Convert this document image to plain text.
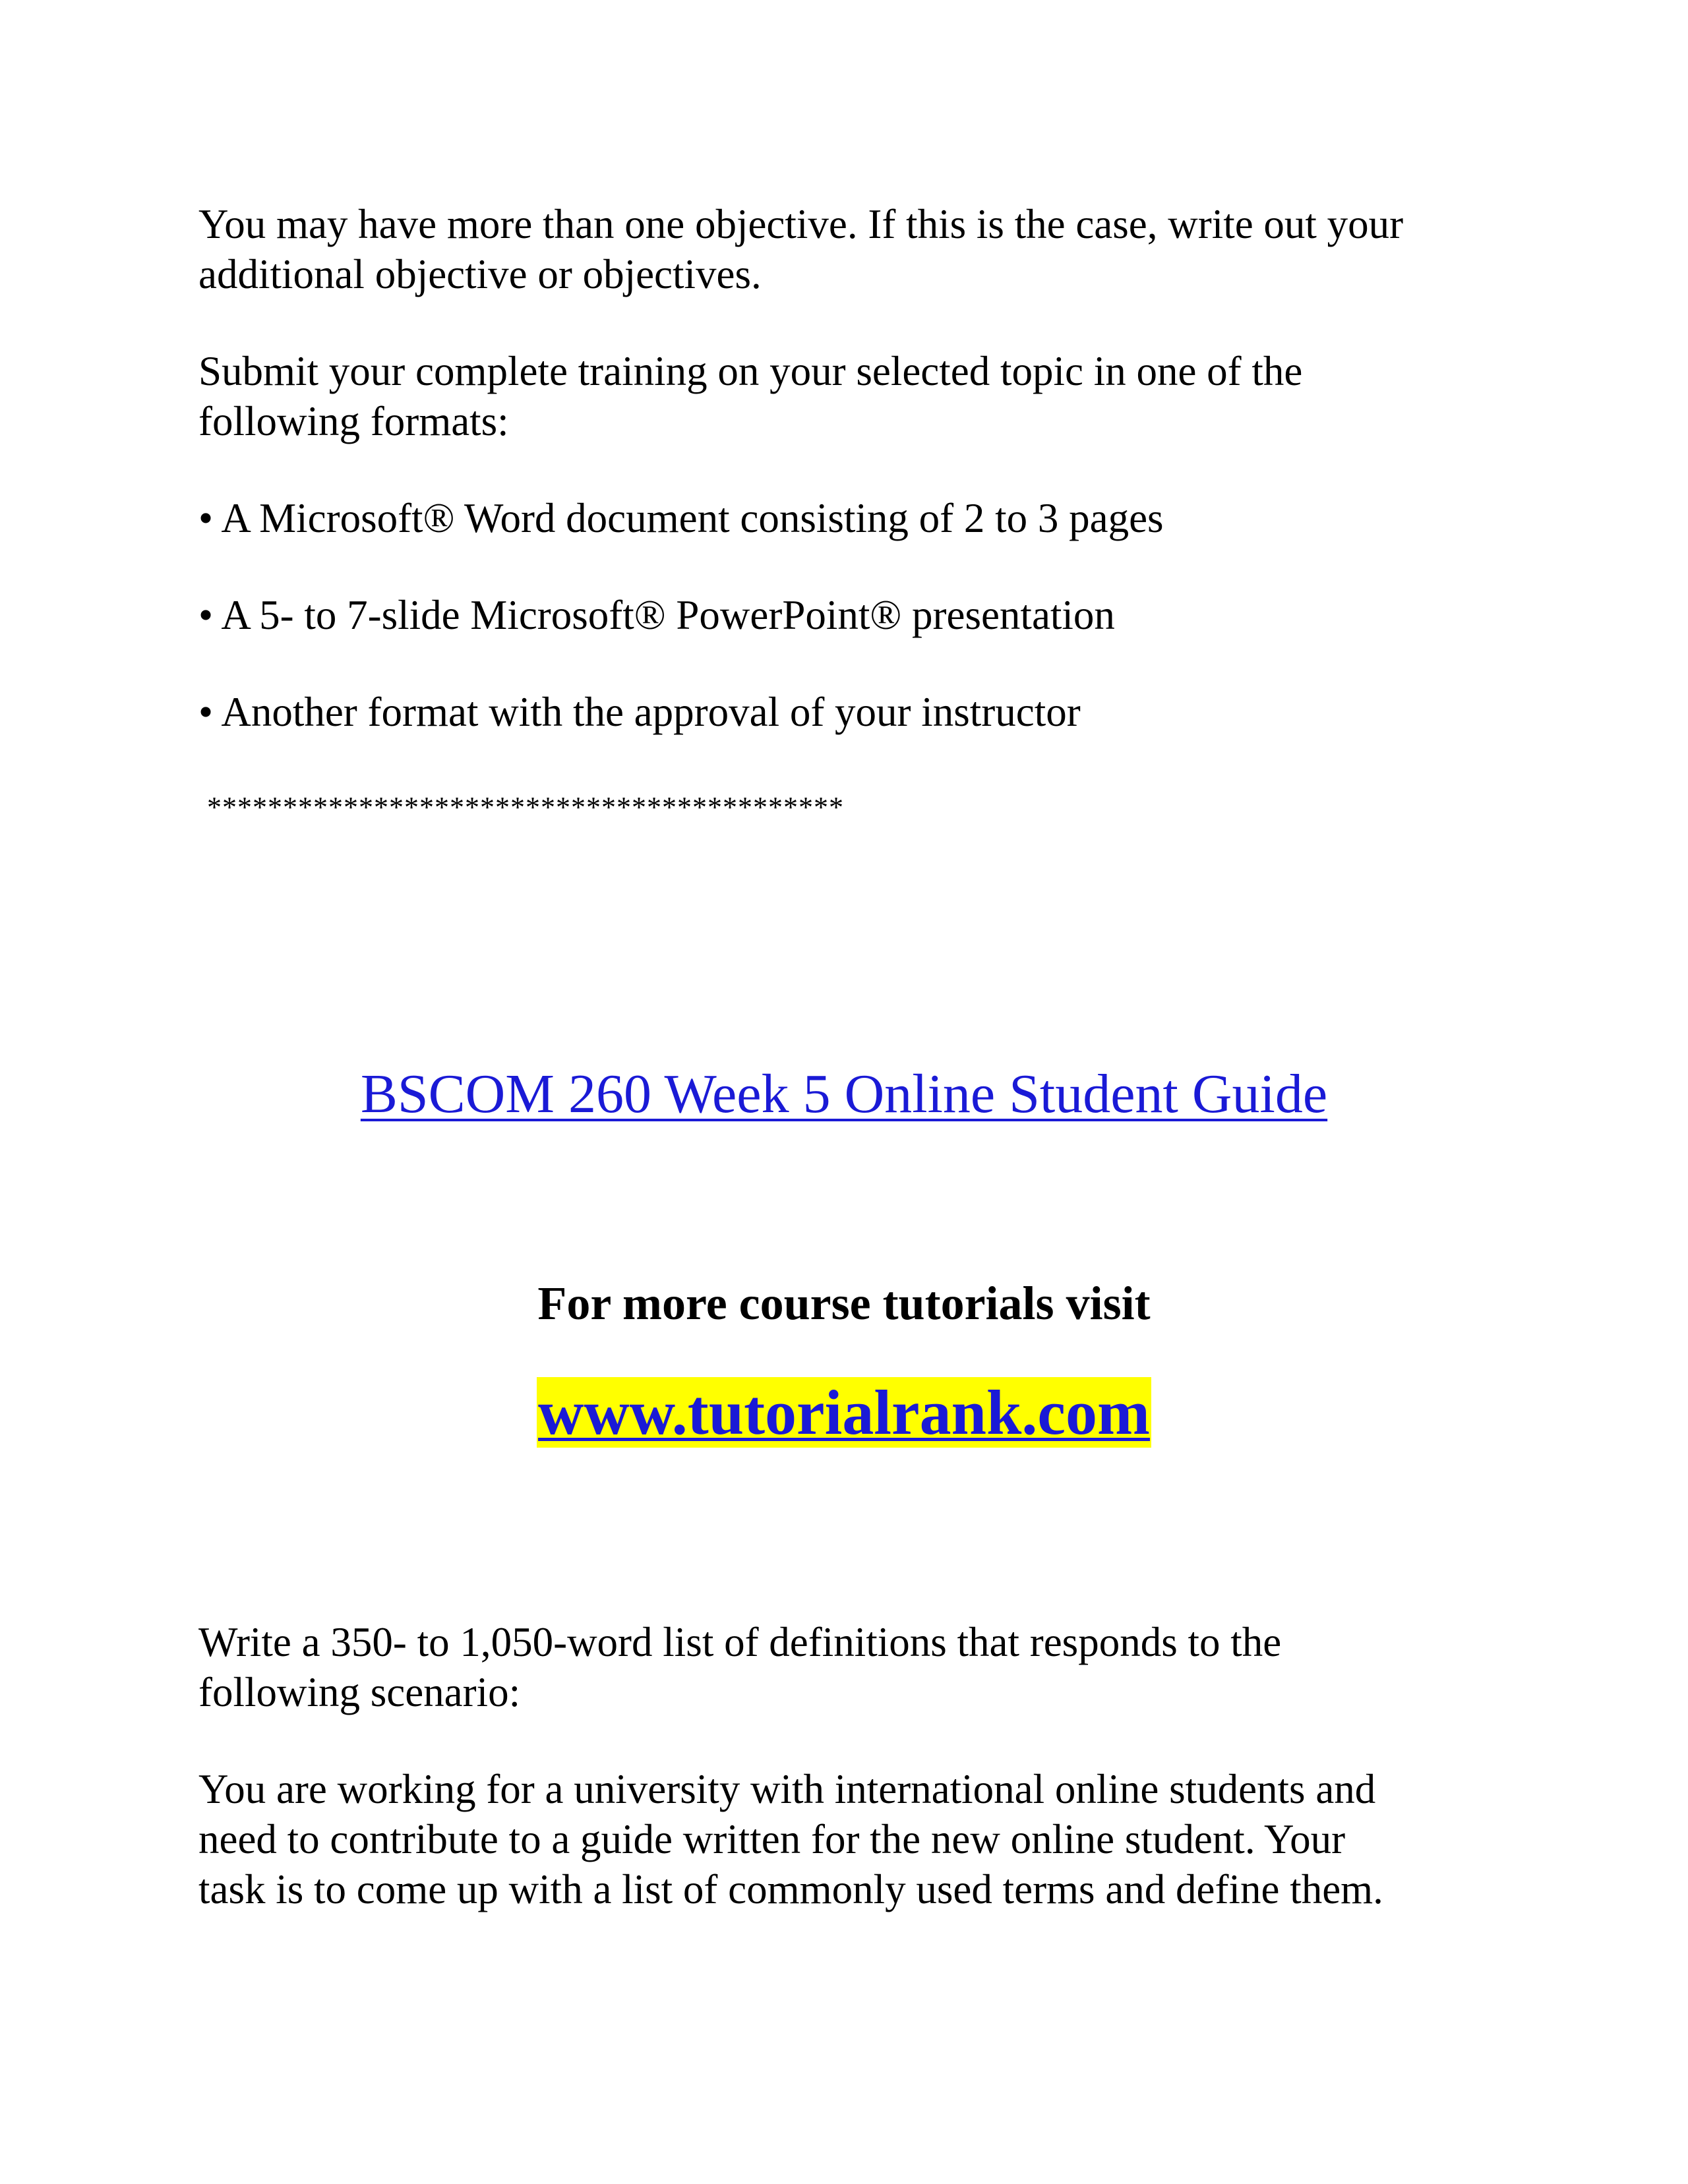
You may have more than one objective. If this is the case, write out your
additional objective or objectives.

Submit your complete training on your selected topic in one of the
following formats:

• A Microsoft® Word document consisting of 2 to 3 pages

• A 5- to 7-slide Microsoft® PowerPoint® presentation

• Another format with the approval of your instructor

******************************************
BSCOM 260 Week 5 Online Student Guide
For more course tutorials visit
www.tutorialrank.com

Write a 350- to 1,050-word list of definitions that responds to the
following scenario:

You are working for a university with international online students and
need to contribute to a guide written for the new online student. Your
task is to come up with a list of commonly used terms and define them.
